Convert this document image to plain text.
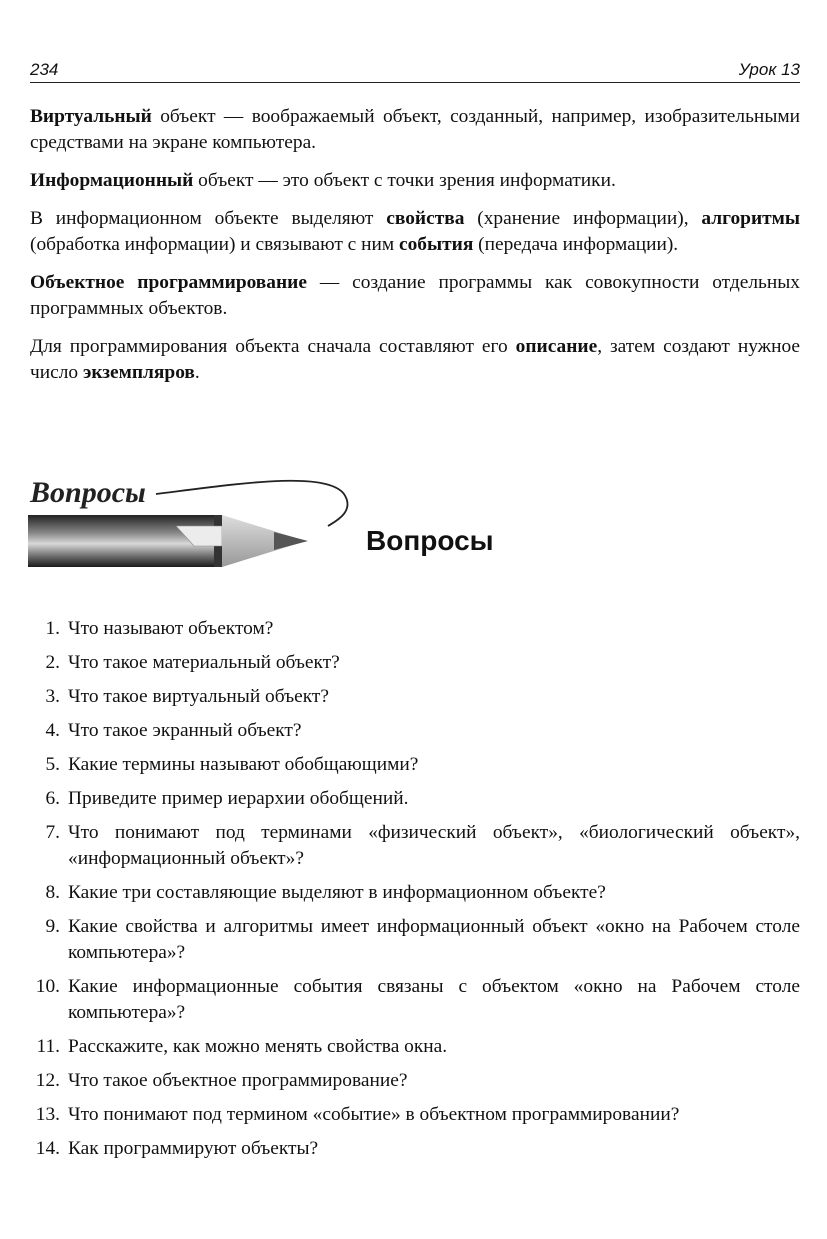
234	Урок 13

Виртуальный объект — воображаемый объект, созданный, например, изобразительными средствами на экране компьютера.

Информационный объект — это объект с точки зрения информатики.

В информационном объекте выделяют свойства (хранение информации), алгоритмы (обработка информации) и связывают с ним события (передача информации).

Объектное программирование — создание программы как совокупности отдельных программных объектов.

Для программирования объекта сначала составляют его описание, затем создают нужное число экземпляров.

Вопросы
Вопросы
1. Что называют объектом?
2. Что такое материальный объект?
3. Что такое виртуальный объект?
4. Что такое экранный объект?
5. Какие термины называют обобщающими?
6. Приведите пример иерархии обобщений.
7. Что понимают под терминами «физический объект», «биологический объект», «информационный объект»?
8. Какие три составляющие выделяют в информационном объекте?
9. Какие свойства и алгоритмы имеет информационный объект «окно на Рабочем столе компьютера»?
10. Какие информационные события связаны с объектом «окно на Рабочем столе компьютера»?
11. Расскажите, как можно менять свойства окна.
12. Что такое объектное программирование?
13. Что понимают под термином «событие» в объектном программировании?
14. Как программируют объекты?
